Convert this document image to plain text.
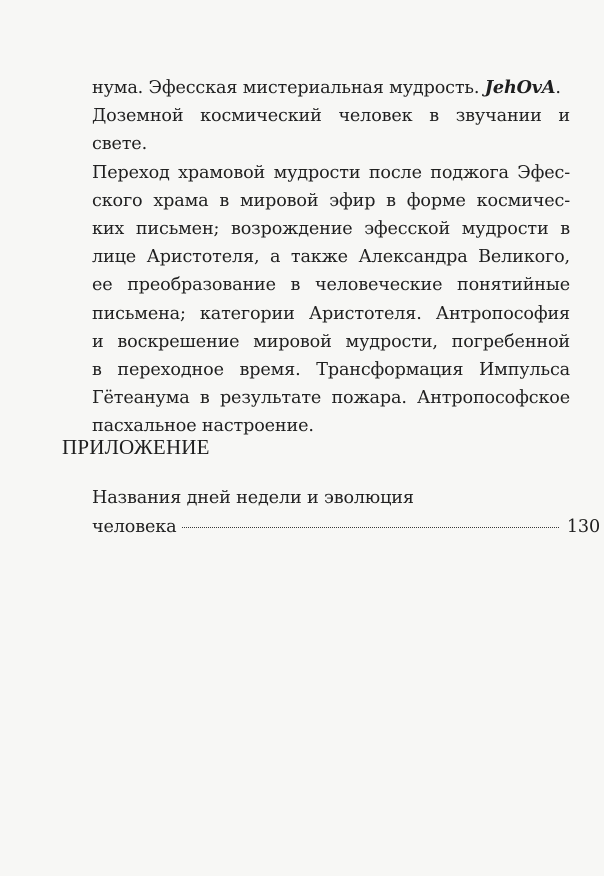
нума. Эфесская мистериальная мудрость. JehOvA.
Доземной космический человек в звучании и свете.
Переход храмовой мудрости после поджога Эфес-
ского храма в мировой эфир в форме космичес-
ких письмен; возрождение эфесской мудрости в
лице Аристотеля, а также Александра Великого,
ее преобразование в человеческие понятийные
письмена; категории Аристотеля. Антропософия
и воскрешение мировой мудрости, погребенной
в переходное время. Трансформация Импульса
Гётеанума в результате пожара. Антропософское
пасхальное настроение.

ПРИЛОЖЕНИЕ
Названия дней недели и эволюция
человека	130
